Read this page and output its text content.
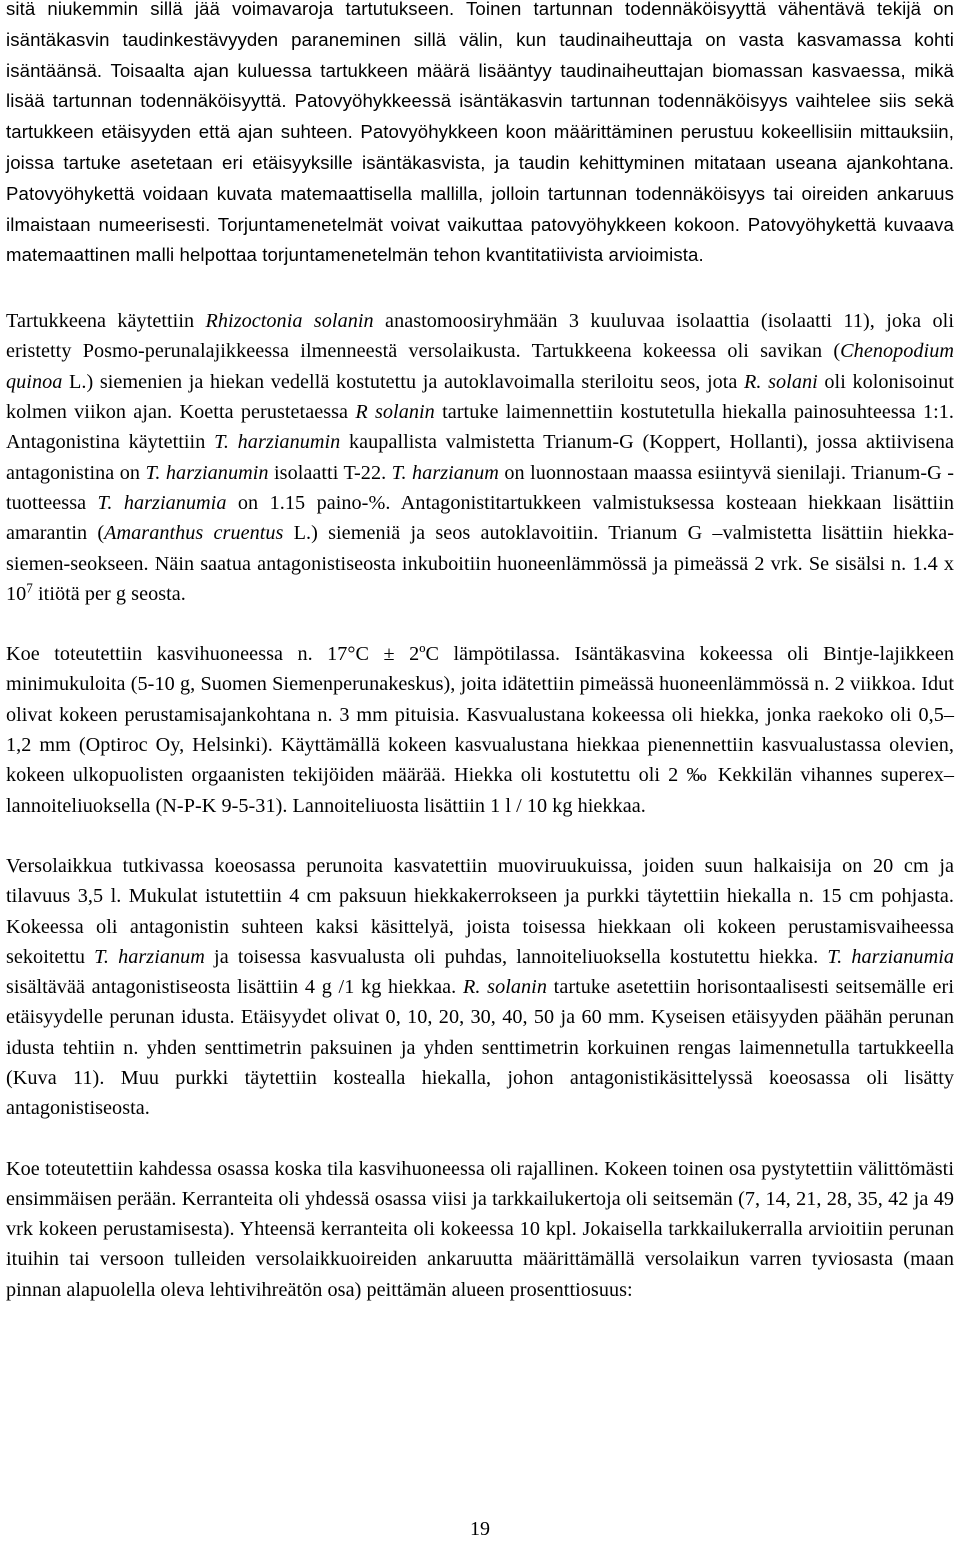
sitä niukemmin sillä jää voimavaroja tartutukseen. Toinen tartunnan todennäköisyyttä vähentävä tekijä on isäntäkasvin taudinkestävyyden paraneminen sillä välin, kun taudinaiheuttaja on vasta kasvamassa kohti isäntäänsä. Toisaalta ajan kuluessa tartukkeen määrä lisääntyy taudinaiheuttajan biomassan kasvaessa, mikä lisää tartunnan todennäköisyyttä. Patovyöhykkeessä isäntäkasvin tartunnan todennäköisyys vaihtelee siis sekä tartukkeen etäisyyden että ajan suhteen. Patovyöhykkeen koon määrittäminen perustuu kokeellisiin mittauksiin, joissa tartuke asetetaan eri etäisyyksille isäntäkasvista, ja taudin kehittyminen mitataan useana ajankohtana. Patovyöhykettä voidaan kuvata matemaattisella mallilla, jolloin tartunnan todennäköisyys tai oireiden ankaruus ilmaistaan numeerisesti. Torjuntamenetelmät voivat vaikuttaa patovyöhykkeen kokoon. Patovyöhykettä kuvaava matemaattinen malli helpottaa torjuntamenetelmän tehon kvantitatiivista arvioimista.

Tartukkeena käytettiin Rhizoctonia solanin anastomoosiryhmään 3 kuuluvaa isolaattia (isolaatti 11), joka oli eristetty Posmo-perunalajikkeessa ilmenneestä versolaikusta. Tartukkeena kokeessa oli savikan (Chenopodium quinoa L.) siemenien ja hiekan vedellä kostutettu ja autoklavoimalla steriloitu seos, jota R. solani oli kolonisoinut kolmen viikon ajan. Koetta perustetaessa R solanin tartuke laimennettiin kostutetulla hiekalla painosuhteessa 1:1. Antagonistina käytettiin T. harzianumin kaupallista valmistetta Trianum-G (Koppert, Hollanti), jossa aktiivisena antagonistina on T. harzianumin isolaatti T-22. T. harzianum on luonnostaan maassa esiintyvä sienilaji. Trianum-G -tuotteessa T. harzianumia on 1.15 paino-%. Antagonistitartukkeen valmistuksessa kosteaan hiekkaan lisättiin amarantin (Amaranthus cruentus L.) siemeniä ja seos autoklavoitiin. Trianum G –valmistetta lisättiin hiekka-siemen-seokseen. Näin saatua antagonistiseosta inkuboitiin huoneenlämmössä ja pimeässä 2 vrk. Se sisälsi n. 1.4 x $10^7$ itiötä per g seosta.

Koe toteutettiin kasvihuoneessa n. 17°C ± 2ºC lämpötilassa. Isäntäkasvina kokeessa oli Bintje-lajikkeen minimukuloita (5-10 g, Suomen Siemenperunakeskus), joita idätettiin pimeässä huoneenlämmössä n. 2 viikkoa. Idut olivat kokeen perustamisajankohtana n. 3 mm pituisia. Kasvualustana kokeessa oli hiekka, jonka raekoko oli 0,5–1,2 mm (Optiroc Oy, Helsinki). Käyttämällä kokeen kasvualustana hiekkaa pienennettiin kasvualustassa olevien, kokeen ulkopuolisten orgaanisten tekijöiden määrää. Hiekka oli kostutettu oli 2 ‰ Kekkilän vihannes superex–lannoiteliuoksella (N-P-K 9-5-31). Lannoiteliuosta lisättiin 1 l / 10 kg hiekkaa.

Versolaikkua tutkivassa koeosassa perunoita kasvatettiin muoviruukuissa, joiden suun halkaisija on 20 cm ja tilavuus 3,5 l. Mukulat istutettiin 4 cm paksuun hiekkakerrokseen ja purkki täytettiin hiekalla n. 15 cm pohjasta. Kokeessa oli antagonistin suhteen kaksi käsittelyä, joista toisessa hiekkaan oli kokeen perustamisvaiheessa sekoitettu T. harzianum ja toisessa kasvualusta oli puhdas, lannoiteliuoksella kostutettu hiekka. T. harzianumia sisältävää antagonistiseosta lisättiin 4 g /1 kg hiekkaa. R. solanin tartuke asetettiin horisontaalisesti seitsemälle eri etäisyydelle perunan idusta. Etäisyydet olivat 0, 10, 20, 30, 40, 50 ja 60 mm. Kyseisen etäisyyden päähän perunan idusta tehtiin n. yhden senttimetrin paksuinen ja yhden senttimetrin korkuinen rengas laimennetulla tartukkeella (Kuva 11). Muu purkki täytettiin kostealla hiekalla, johon antagonistikäsittelyssä koeosassa oli lisätty antagonistiseosta.

Koe toteutettiin kahdessa osassa koska tila kasvihuoneessa oli rajallinen. Kokeen toinen osa pystytettiin välittömästi ensimmäisen perään. Kerranteita oli yhdessä osassa viisi ja tarkkailukertoja oli seitsemän (7, 14, 21, 28, 35, 42 ja 49 vrk kokeen perustamisesta). Yhteensä kerranteita oli kokeessa 10 kpl. Jokaisella tarkkailukerralla arvioitiin perunan ituihin tai versoon tulleiden versolaikkuoireiden ankaruutta määrittämällä versolaikun varren tyviosasta (maan pinnan alapuolella oleva lehtivihreätön osa) peittämän alueen prosenttiosuus:

19
